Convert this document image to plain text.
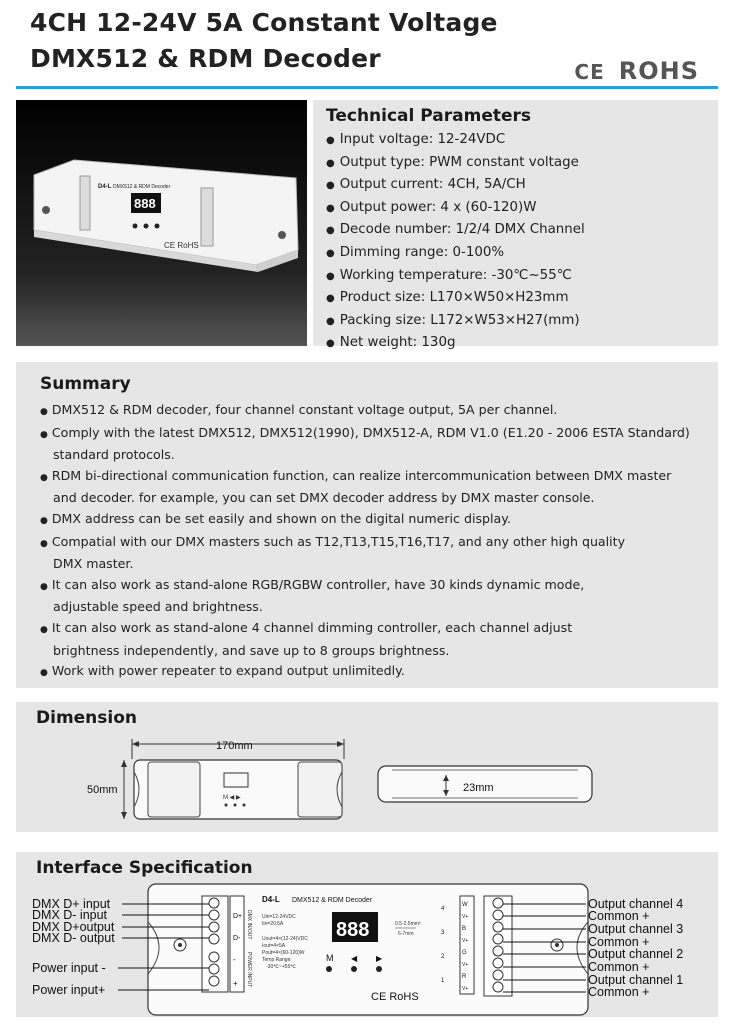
4CH 12-24V 5A Constant Voltage
DMX512 & RDM Decoder	CE ROHS
D4-L DMX512 & RDM Decoder
888
CE RoHS
Technical Parameters
● Input voltage: 12-24VDC
● Output type: PWM constant voltage
● Output current: 4CH, 5A/CH
● Output power: 4 x (60-120)W
● Decode number: 1/2/4 DMX Channel
● Dimming range: 0-100%
● Working temperature: -30℃~55℃
● Product size: L170×W50×H23mm
● Packing size: L172×W53×H27(mm)
● Net weight: 130g
Summary
● DMX512 & RDM decoder, four channel constant voltage output, 5A per channel.
● Comply with the latest DMX512, DMX512(1990), DMX512-A, RDM V1.0 (E1.20 - 2006 ESTA Standard)
standard protocols.
● RDM bi-directional communication function, can realize intercommunication between DMX master
and decoder. for example, you can set DMX decoder address by DMX master console.
● DMX address can be set easily and shown on the digital numeric display.
● Compatial with our DMX masters such as T12,T13,T15,T16,T17, and any other high quality
DMX master.
● It can also work as stand-alone RGB/RGBW controller, have 30 kinds dynamic mode,
adjustable speed and brightness.
● It can also work as stand-alone 4 channel dimming controller, each channel adjust
brightness independently, and save up to 8 groups brightness.
● Work with power repeater to expand output unlimitedly.
Dimension
170mm
50mm
M ◀ ▶
23mm
Interface Specification
D+
D-
-
+
DMX IN/OUT
POWER INPUT
D4-L DMX512 & RDM Decoder
Uin=12-24VDC
Iin=20.5A
Uout=4×(12-24)VDC
Iout=4×5A
Pout=4×(60-120)W
Temp Range:
-30℃~+55℃
888
M ◀ ▶
CE RoHS
0.5-2.5mm²
6-7mm
4
3
2
1
W
V+
B
V+
G
V+
R
V+
DMX D+ input
DMX D- input
DMX D+output
DMX D- output
Power input -
Power input+
Output channel 4
Common +
Output channel 3
Common +
Output channel 2
Common +
Output channel 1
Common +
